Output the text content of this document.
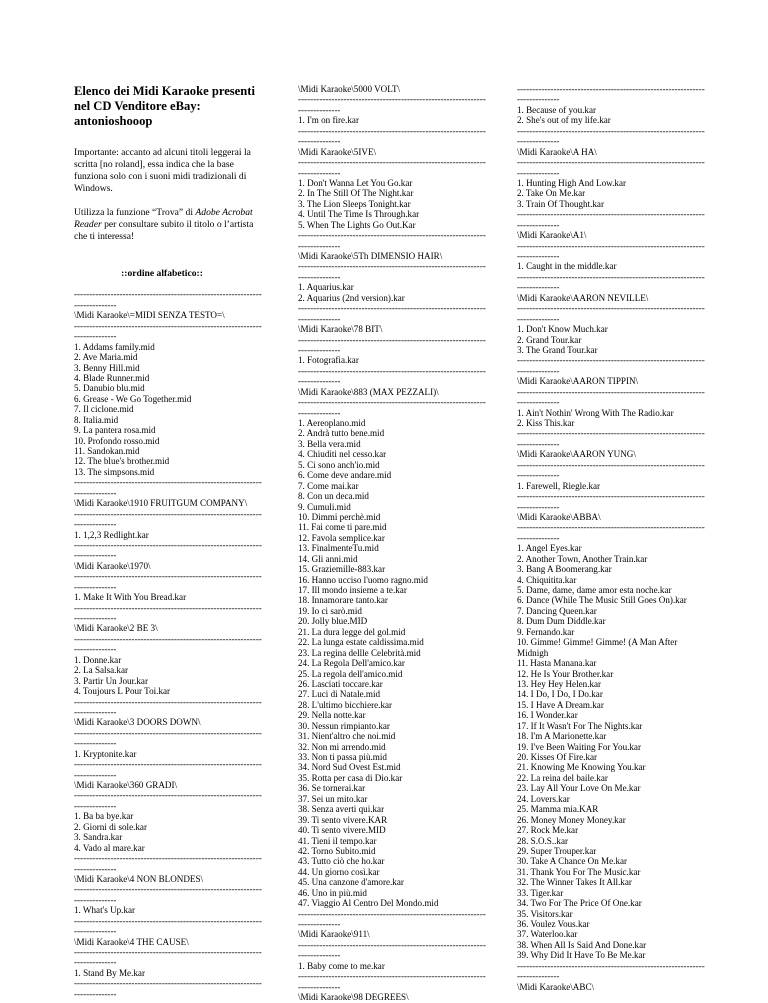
Elenco dei Midi Karaoke presenti nel CD Venditore eBay: antonioshooop
Importante: accanto ad alcuni titoli leggerai la scritta [no roland], essa indica che la base funziona solo con i suoni midi tradizionali di Windows.
Utilizza la funzione “Trova” di Adobe Acrobat Reader per consultare subito il titolo o l’artista che ti interessa!
::ordine alfabetico::
--------------------------------------------------------------
--------------
\Midi Karaoke\=MIDI SENZA TESTO=\
--------------------------------------------------------------
--------------
1. Addams family.mid
2. Ave Maria.mid
3. Benny Hill.mid
4. Blade Runner.mid
5. Danubio blu.mid
6. Grease - We Go Together.mid
7. Il ciclone.mid
8. Italia.mid
9. La pantera rosa.mid
10. Profondo rosso.mid
11. Sandokan.mid
12. The blue's brother.mid
13. The simpsons.mid
--------------------------------------------------------------
--------------
\Midi Karaoke\1910 FRUITGUM COMPANY\
--------------------------------------------------------------
--------------
1. 1,2,3 Redlight.kar
--------------------------------------------------------------
--------------
\Midi Karaoke\1970\
--------------------------------------------------------------
--------------
1. Make It With You Bread.kar
--------------------------------------------------------------
--------------
\Midi Karaoke\2 BE 3\
--------------------------------------------------------------
--------------
1. Donne.kar
2. La Salsa.kar
3. Partir Un Jour.kar
4. Toujours L Pour Toi.kar
--------------------------------------------------------------
--------------
\Midi Karaoke\3 DOORS DOWN\
--------------------------------------------------------------
--------------
1. Kryptonite.kar
--------------------------------------------------------------
--------------
\Midi Karaoke\360 GRADI\
--------------------------------------------------------------
--------------
1. Ba ba bye.kar
2. Giorni di sole.kar
3. Sandra.kar
4. Vado al mare.kar
--------------------------------------------------------------
--------------
\Midi Karaoke\4 NON BLONDES\
--------------------------------------------------------------
--------------
1. What's Up.kar
--------------------------------------------------------------
--------------
\Midi Karaoke\4 THE CAUSE\
--------------------------------------------------------------
--------------
1. Stand By Me.kar
--------------------------------------------------------------
--------------
\Midi Karaoke\5000 VOLT\
--------------------------------------------------------------
--------------
1. I'm on fire.kar
--------------------------------------------------------------
--------------
\Midi Karaoke\5IVE\
--------------------------------------------------------------
--------------
1. Don't Wanna Let You Go.kar
2. In The Still Of The Night.kar
3. The Lion Sleeps Tonight.kar
4. Until The Time Is Through.kar
5. When The Lights Go Out.Kar
--------------------------------------------------------------
--------------
\Midi Karaoke\5Th DIMENSIO HAIR\
--------------------------------------------------------------
--------------
1. Aquarius.kar
2. Aquarius (2nd version).kar
--------------------------------------------------------------
--------------
\Midi Karaoke\78 BIT\
--------------------------------------------------------------
--------------
1. Fotografia.kar
--------------------------------------------------------------
--------------
\Midi Karaoke\883 (MAX PEZZALI)\
--------------------------------------------------------------
--------------
1. Aereoplano.mid
2. Andrà tutto bene.mid
3. Bella vera.mid
4. Chiuditi nel cesso.kar
5. Ci sono anch'io.mid
6. Come deve andare.mid
7. Come mai.kar
8. Con un deca.mid
9. Cumuli.mid
10. Dimmi perchè.mid
11. Fai come ti pare.mid
12. Favola semplice.kar
13. FinalmenteTu.mid
14. Gli anni.mid
15. Graziemille-883.kar
16. Hanno ucciso l'uomo ragno.mid
17. Ill mondo insieme a te.kar
18. Innamorare tanto.kar
19. Io ci sarò.mid
20. Jolly blue.MID
21. La dura legge del gol.mid
22. La lunga estate caldissima.mid
23. La regina dellle Celebrità.mid
24. La Regola Dell'amico.kar
25. La regola dell'amico.mid
26. Lasciati toccare.kar
27. Luci di Natale.mid
28. L'ultimo bicchiere.kar
29. Nella notte.kar
30. Nessun rimpianto.kar
31. Nient'altro che noi.mid
32. Non mi arrendo.mid
33. Non ti passa più.mid
34. Nord Sud Ovest Est.mid
35. Rotta per casa di Dio.kar
36. Se tornerai.kar
37. Sei un mito.kar
38. Senza averti qui.kar
39. Ti sento vivere.KAR
40. Ti sento vivere.MID
41. Tieni il tempo.kar
42. Torno Subito.mid
43. Tutto ciò che ho.kar
44. Un giorno così.kar
45. Una canzone d'amore.kar
46. Uno in più.mid
47. Viaggio Al Centro Del Mondo.mid
--------------------------------------------------------------
--------------
\Midi Karaoke\911\
--------------------------------------------------------------
--------------
1. Baby come to me.kar
--------------------------------------------------------------
--------------
\Midi Karaoke\98 DEGREES\
--------------------------------------------------------------
--------------
1. Because of you.kar
2. She's out of my life.kar
--------------------------------------------------------------
--------------
\Midi Karaoke\A HA\
--------------------------------------------------------------
--------------
1. Hunting High And Low.kar
2. Take On Me.kar
3. Train Of Thought.kar
--------------------------------------------------------------
--------------
\Midi Karaoke\A1\
--------------------------------------------------------------
--------------
1. Caught in the middle.kar
--------------------------------------------------------------
--------------
\Midi Karaoke\AARON NEVILLE\
--------------------------------------------------------------
--------------
1. Don't Know Much.kar
2. Grand Tour.kar
3. The Grand Tour.kar
--------------------------------------------------------------
--------------
\Midi Karaoke\AARON TIPPIN\
--------------------------------------------------------------
--------------
1. Ain't Nothin' Wrong With The Radio.kar
2. Kiss This.kar
--------------------------------------------------------------
--------------
\Midi Karaoke\AARON YUNG\
--------------------------------------------------------------
--------------
1. Farewell, Riegle.kar
--------------------------------------------------------------
--------------
\Midi Karaoke\ABBA\
--------------------------------------------------------------
--------------
1. Angel Eyes.kar
2. Another Town, Another Train.kar
3. Bang A Boomerang.kar
4. Chiquitita.kar
5. Dame, dame, dame amor esta noche.kar
6. Dance (While The Music Still Goes On).kar
7. Dancing Queen.kar
8. Dum Dum Diddle.kar
9. Fernando.kar
10. Gimme! Gimme! Gimme! (A Man After
Midnigh
11. Hasta Manana.kar
12. He Is Your Brother.kar
13. Hey Hey Helen.kar
14. I Do, I Do, I Do.kar
15. I Have A Dream.kar
16. I Wonder.kar
17. If It Wasn't For The Nights.kar
18. I'm A Marionette.kar
19. I've Been Waiting For You.kar
20. Kisses Of Fire.kar
21. Knowing Me Knowing You.kar
22. La reina del baile.kar
23. Lay All Your Love On Me.kar
24. Lovers.kar
25. Mamma mia.KAR
26. Money Money Money.kar
27. Rock Me.kar
28. S.O.S..kar
29. Super Trouper.kar
30. Take A Chance On Me.kar
31. Thank You For The Music.kar
32. The Winner Takes It All.kar
33. Tiger.kar
34. Two For The Price Of One.kar
35. Visitors.kar
36. Voulez Vous.kar
37. Waterloo.kar
38. When All Is Said And Done.kar
39. Why Did It Have To Be Me.kar
--------------------------------------------------------------
--------------
\Midi Karaoke\ABC\
